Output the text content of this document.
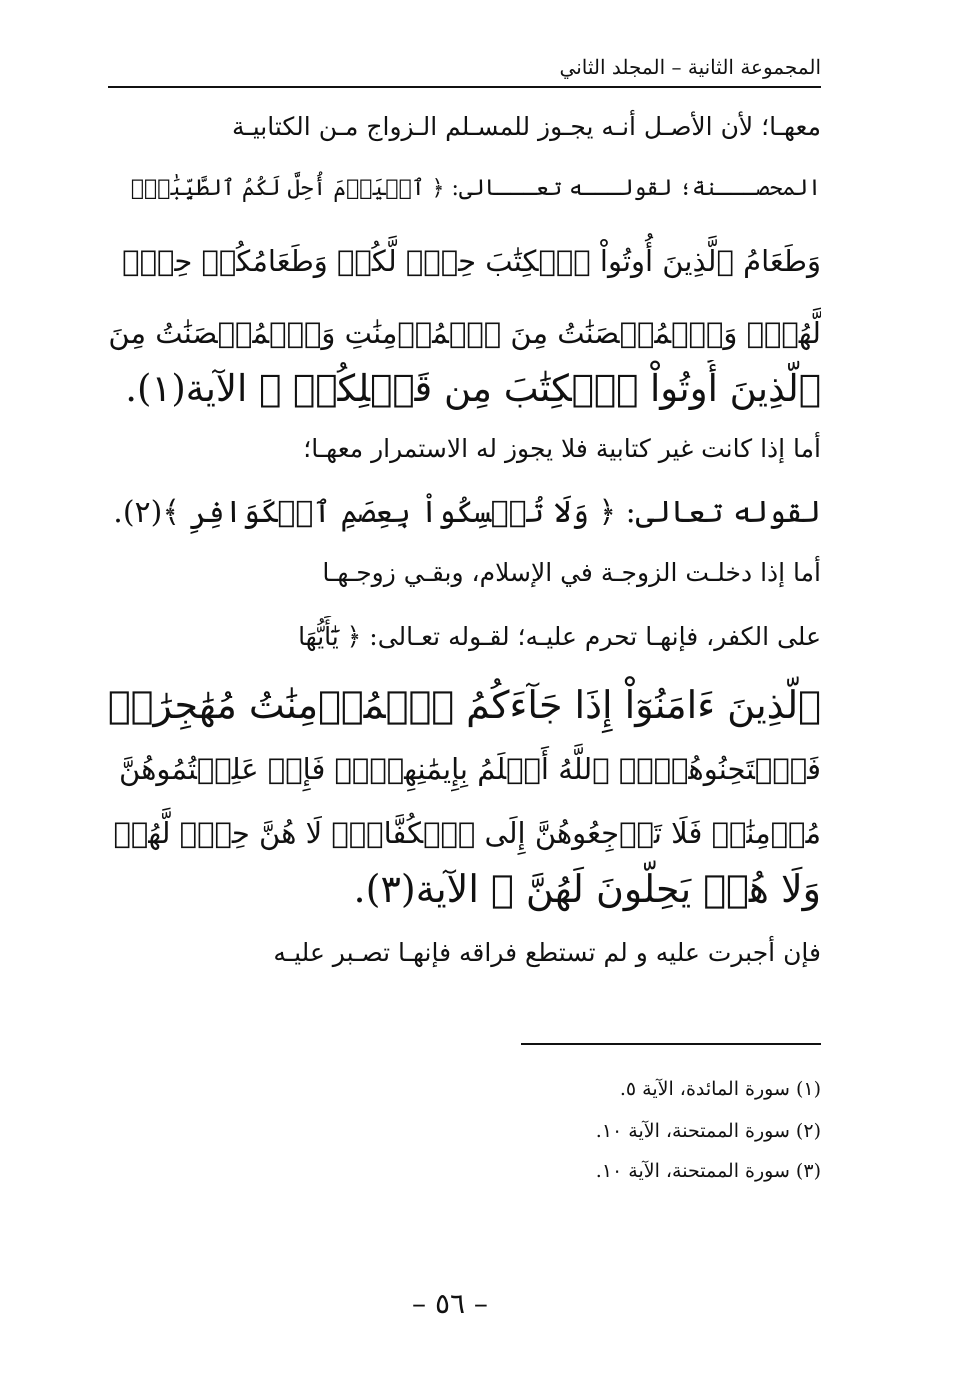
المجموعة الثانية – المجلد الثاني
معهـا؛ لأن الأصـل أنـه يجـوز للمسـلم الـزواج مـن الكتابيـة
المحصـــنة؛ لقولـــه تعـــالى: ﴿ ٱلۡيَوۡمَ أُحِلَّ لَكُمُ ٱلطَّيِّبَٰتُۖ
وَطَعَامُ ٱلَّذِينَ أُوتُواْ ٱلۡكِتَٰبَ حِلّٞ لَّكُمۡ وَطَعَامُكُمۡ حِلّٞ
لَّهُمۡۖ وَٱلۡمُحۡصَنَٰتُ مِنَ ٱلۡمُؤۡمِنَٰتِ وَٱلۡمُحۡصَنَٰتُ مِنَ
ٱلَّذِينَ أُوتُواْ ٱلۡكِتَٰبَ مِن قَبۡلِكُمۡ ﴾ الآية(١).
أما إذا كانت غير كتابية فلا يجوز له الاستمرار معهـا؛
لقوله تعالى: ﴿ وَلَا تُمۡسِكُواْ بِعِصَمِ ٱلۡكَوَافِرِ ﴾(٢).
أما إذا دخلـت الزوجـة في الإسلام، وبقـي زوجـهـا
على الكفر، فإنهـا تحرم عليـه؛ لقـوله تعـالى: ﴿ يَٰٓأَيُّهَا
ٱلَّذِينَ ءَامَنُوٓاْ إِذَا جَآءَكُمُ ٱلۡمُؤۡمِنَٰتُ مُهَٰجِرَٰتٖ
فَٱمۡتَحِنُوهُنَّۖ ٱللَّهُ أَعۡلَمُ بِإِيمَٰنِهِنَّۖ فَإِنۡ عَلِمۡتُمُوهُنَّ
مُؤۡمِنَٰتٖ فَلَا تَرۡجِعُوهُنَّ إِلَى ٱلۡكُفَّارِۖ لَا هُنَّ حِلّٞ لَّهُمۡ
وَلَا هُمۡ يَحِلُّونَ لَهُنَّ ﴾ الآية(٣).
فإن أجبرت عليه و لم تستطع فراقه فإنهـا تصـبر عليـه
(١) سورة المائدة، الآية ٥.
(٢) سورة الممتحنة، الآية ١٠.
(٣) سورة الممتحنة، الآية ١٠.
– ٥٦ –
